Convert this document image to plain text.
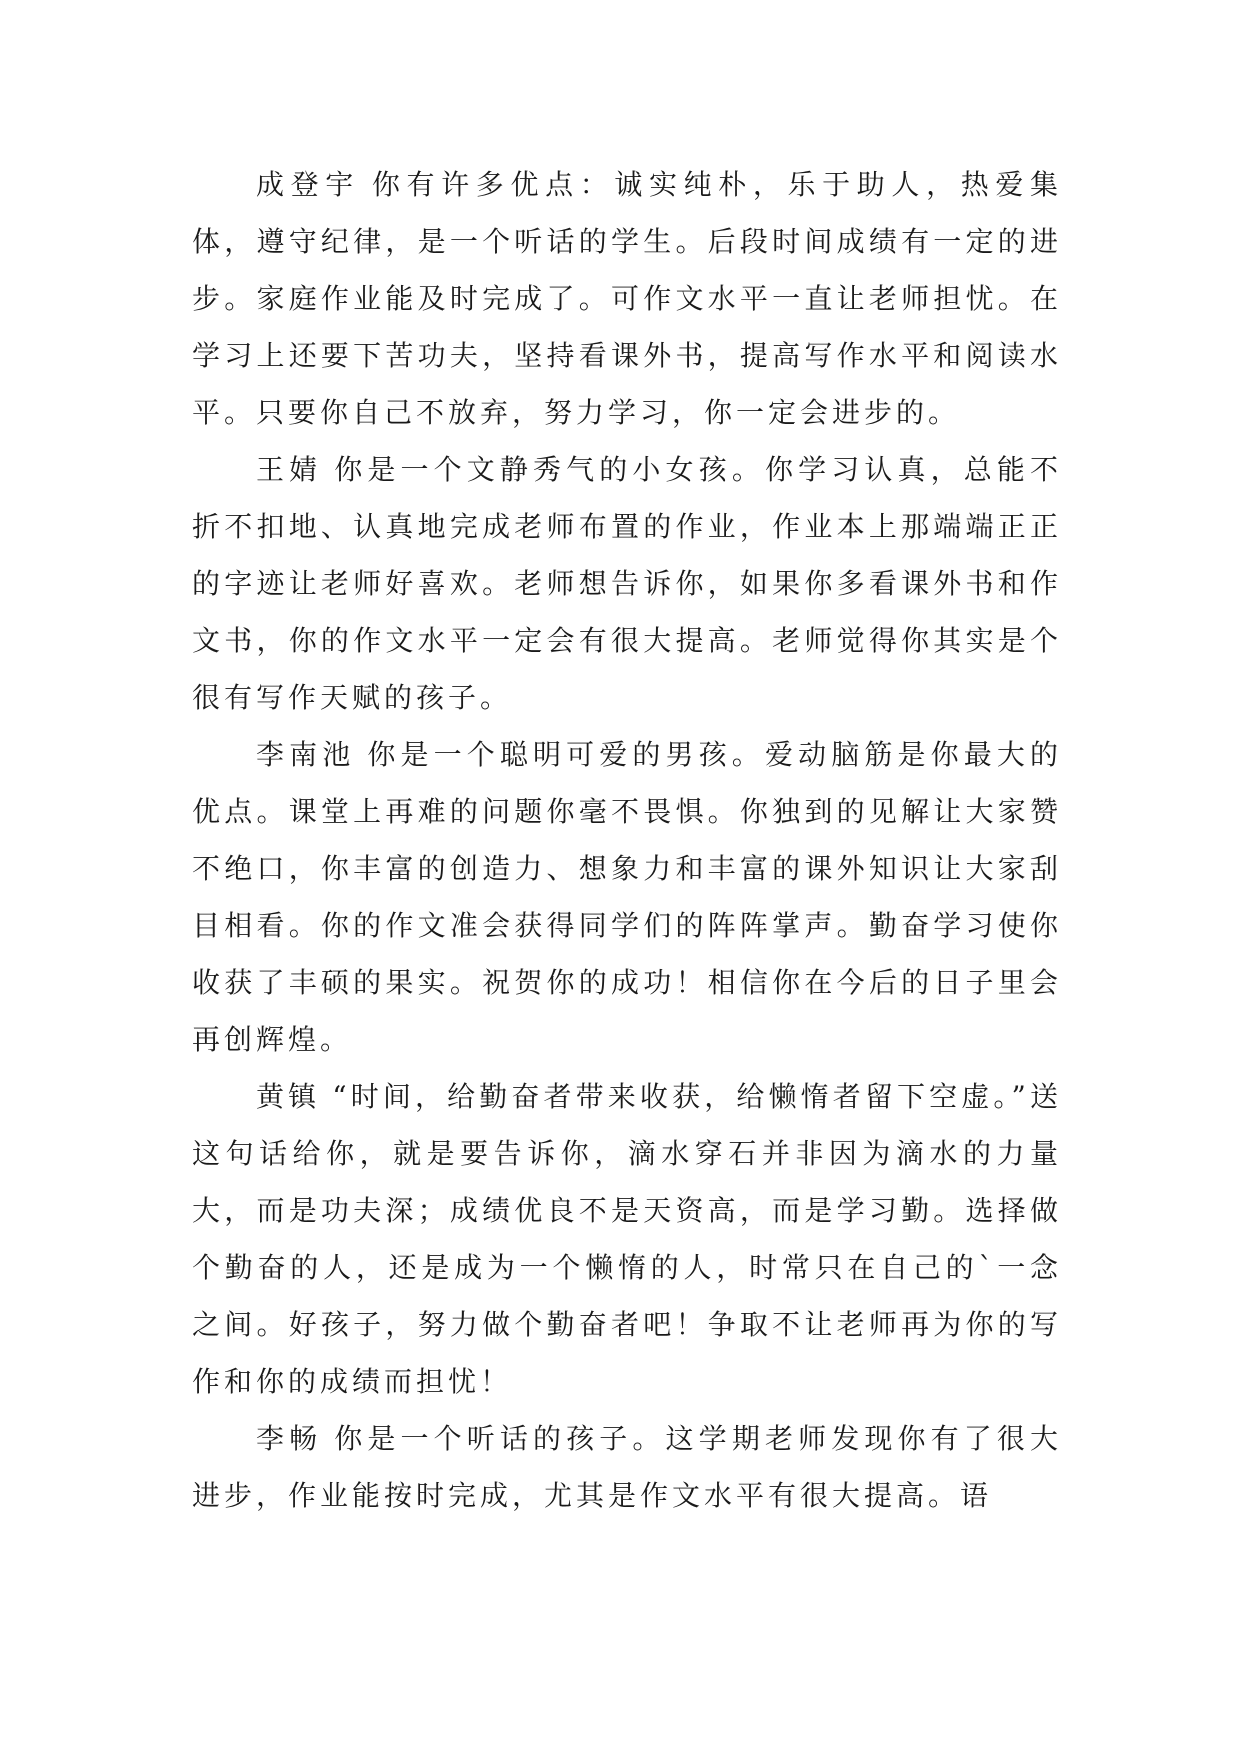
成登宇 你有许多优点：诚实纯朴，乐于助人，热爱集体，遵守纪律，是一个听话的学生。后段时间成绩有一定的进步。家庭作业能及时完成了。可作文水平一直让老师担忧。在学习上还要下苦功夫，坚持看课外书，提高写作水平和阅读水平。只要你自己不放弃，努力学习，你一定会进步的。

王婧 你是一个文静秀气的小女孩。你学习认真，总能不折不扣地、认真地完成老师布置的作业，作业本上那端端正正的字迹让老师好喜欢。老师想告诉你，如果你多看课外书和作文书，你的作文水平一定会有很大提高。老师觉得你其实是个很有写作天赋的孩子。

李南池 你是一个聪明可爱的男孩。爱动脑筋是你最大的优点。课堂上再难的问题你毫不畏惧。你独到的见解让大家赞不绝口，你丰富的创造力、想象力和丰富的课外知识让大家刮目相看。你的作文准会获得同学们的阵阵掌声。勤奋学习使你收获了丰硕的果实。祝贺你的成功！相信你在今后的日子里会再创辉煌。

黄镇 “时间，给勤奋者带来收获，给懒惰者留下空虚。”送这句话给你，就是要告诉你，滴水穿石并非因为滴水的力量大，而是功夫深；成绩优良不是天资高，而是学习勤。选择做个勤奋的人，还是成为一个懒惰的人，时常只在自己的`一念之间。好孩子，努力做个勤奋者吧！争取不让老师再为你的写作和你的成绩而担忧！

李畅 你是一个听话的孩子。这学期老师发现你有了很大进步，作业能按时完成，尤其是作文水平有很大提高。语
